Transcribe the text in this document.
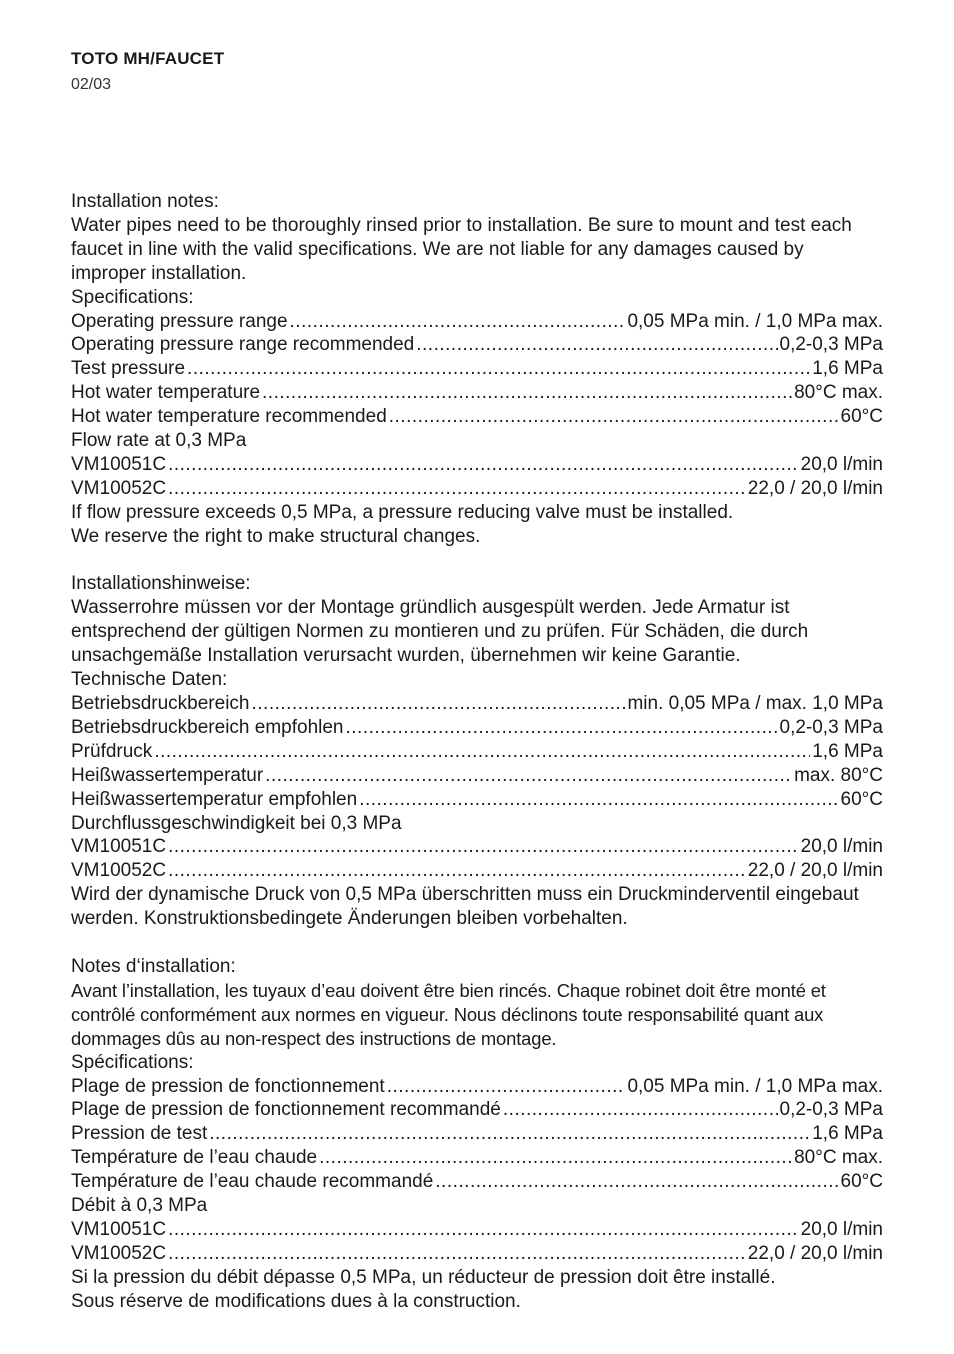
TOTO MH/FAUCET
02/03
Installation notes:

Water pipes need to be thoroughly rinsed prior to installation. Be sure to mount and test each faucet in line with the valid specifications. We are not liable for any damages caused by improper installation.

Specifications:
Operating pressure range .....	0,05 MPa min. / 1,0 MPa max.
Operating pressure range recommended .....	0,2-0,3 MPa
Test pressure .....	1,6 MPa
Hot water temperature .....	80°C max.
Hot water temperature recommended .....	60°C
Flow rate at 0,3 MPa
VM10051C .....	20,0 l/min
VM10052C .....	22,0 / 20,0 l/min
If flow pressure exceeds 0,5 MPa, a pressure reducing valve must be installed.
We reserve the right to make structural changes.
Installationshinweise:

Wasserrohre müssen vor der Montage gründlich ausgespült werden. Jede Armatur ist entsprechend der gültigen Normen zu montieren und zu prüfen. Für Schäden, die durch unsachgemäße Installation verursacht wurden, übernehmen wir keine Garantie.

Technische Daten:
Betriebsdruckbereich .....	min. 0,05 MPa / max. 1,0 MPa
Betriebsdruckbereich empfohlen .....	0,2-0,3 MPa
Prüfdruck .....	1,6 MPa
Heißwassertemperatur .....	max. 80°C
Heißwassertemperatur empfohlen .....	60°C
Durchflussgeschwindigkeit bei 0,3 MPa
VM10051C .....	20,0 l/min
VM10052C .....	22,0 / 20,0 l/min

Wird der dynamische Druck von 0,5 MPa überschritten muss ein Druckminderventil eingebaut werden. Konstruktionsbedingete Änderungen bleiben vorbehalten.

Notes d‘installation:

Avant l’installation, les tuyaux d’eau doivent être bien rincés. Chaque robinet doit être monté et contrôlé conformément aux normes en vigueur. Nous déclinons toute responsabilité quant aux dommages dûs au non-respect des instructions de montage.

Spécifications:
Plage de pression de fonctionnement .....	0,05 MPa min. / 1,0 MPa max.
Plage de pression de fonctionnement recommandé .....	0,2-0,3 MPa
Pression de test .....	1,6 MPa
Température de l’eau chaude .....	80°C max.
Température de l’eau chaude recommandé .....	60°C
Débit à 0,3 MPa
VM10051C .....	20,0 l/min
VM10052C .....	22,0 / 20,0 l/min
Si la pression du débit dépasse 0,5 MPa, un réducteur de pression doit être installé.
Sous réserve de modifications dues à la construction.
